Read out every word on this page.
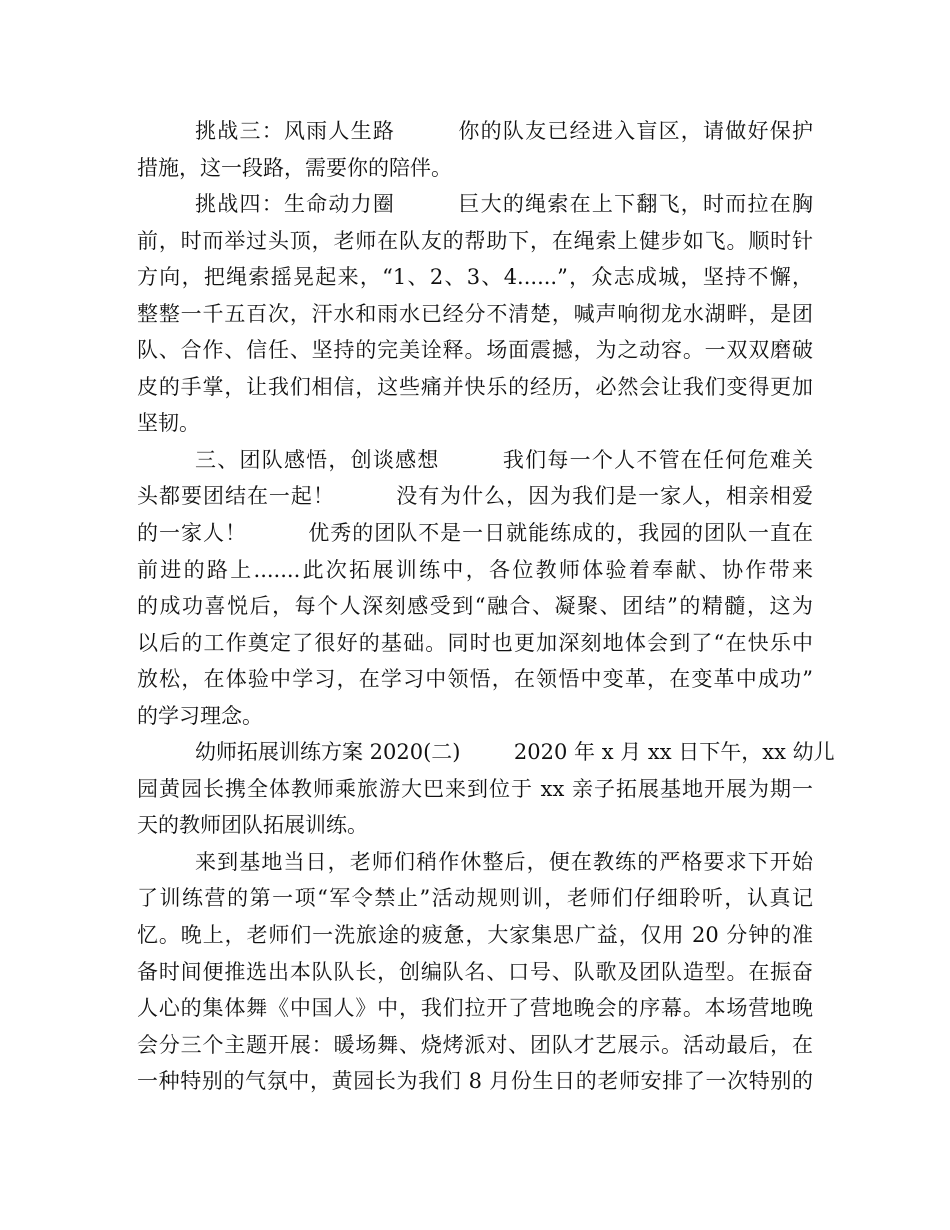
挑战三：风雨人生路        你的队友已经进入盲区，请做好保护
措施，这一段路，需要你的陪伴。
挑战四：生命动力圈        巨大的绳索在上下翻飞，时而拉在胸
前，时而举过头顶，老师在队友的帮助下，在绳索上健步如飞。顺时针
方向，把绳索摇晃起来，“1、2、3、4......”，众志成城，坚持不懈，
整整一千五百次，汗水和雨水已经分不清楚，喊声响彻龙水湖畔，是团
队、合作、信任、坚持的完美诠释。场面震撼，为之动容。一双双磨破
皮的手掌，让我们相信，这些痛并快乐的经历，必然会让我们变得更加
坚韧。
三、团队感悟，创谈感想        我们每一个人不管在任何危难关
头都要团结在一起！        没有为什么，因为我们是一家人，相亲相爱
的一家人！        优秀的团队不是一日就能练成的，我园的团队一直在
前进的路上.......此次拓展训练中，各位教师体验着奉献、协作带来
的成功喜悦后，每个人深刻感受到“融合、凝聚、团结”的精髓，这为
以后的工作奠定了很好的基础。同时也更加深刻地体会到了“在快乐中
放松，在体验中学习，在学习中领悟，在领悟中变革，在变革中成功”
的学习理念。
幼师拓展训练方案 2020(二)        2020 年 x 月 xx 日下午，xx 幼儿
园黄园长携全体教师乘旅游大巴来到位于 xx 亲子拓展基地开展为期一
天的教师团队拓展训练。
来到基地当日，老师们稍作休整后，便在教练的严格要求下开始
了训练营的第一项“军令禁止”活动规则训，老师们仔细聆听，认真记
忆。晚上，老师们一洗旅途的疲惫，大家集思广益，仅用 20 分钟的准
备时间便推选出本队队长，创编队名、口号、队歌及团队造型。在振奋
人心的集体舞《中国人》中，我们拉开了营地晚会的序幕。本场营地晚
会分三个主题开展：暖场舞、烧烤派对、团队才艺展示。活动最后，在
一种特别的气氛中，黄园长为我们 8 月份生日的老师安排了一次特别的
